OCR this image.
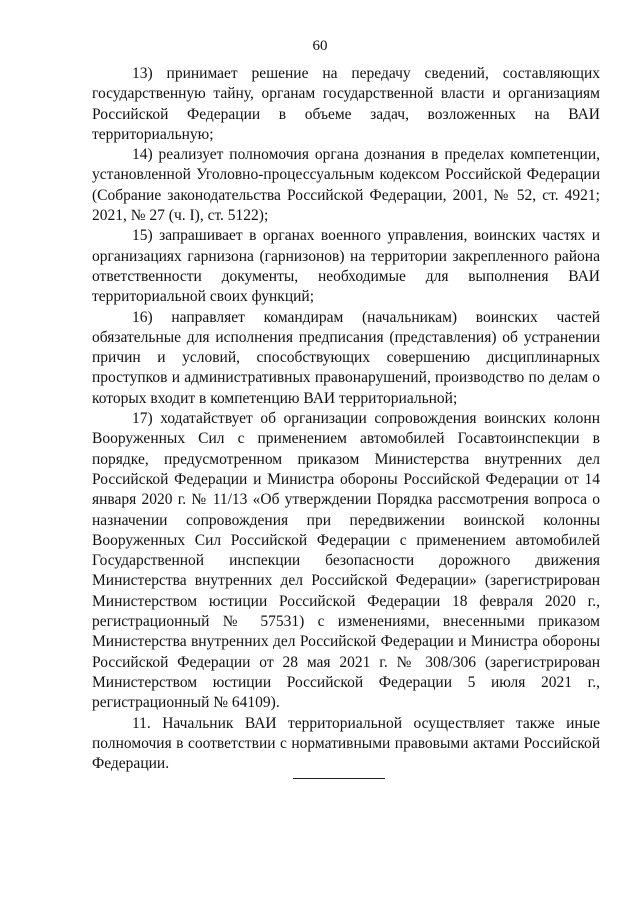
60

13) принимает решение на передачу сведений, составляющих государственную тайну, органам государственной власти и организациям Российской Федерации в объеме задач, возложенных на ВАИ территориальную;

14) реализует полномочия органа дознания в пределах компетенции, установленной Уголовно-процессуальным кодексом Российской Федерации (Собрание законодательства Российской Федерации, 2001, № 52, ст. 4921; 2021, № 27 (ч. I), ст. 5122);

15) запрашивает в органах военного управления, воинских частях и организациях гарнизона (гарнизонов) на территории закрепленного района ответственности документы, необходимые для выполнения ВАИ территориальной своих функций;

16) направляет командирам (начальникам) воинских частей обязательные для исполнения предписания (представления) об устранении причин и условий, способствующих совершению дисциплинарных проступков и административных правонарушений, производство по делам о которых входит в компетенцию ВАИ территориальной;

17) ходатайствует об организации сопровождения воинских колонн Вооруженных Сил с применением автомобилей Госавтоинспекции в порядке, предусмотренном приказом Министерства внутренних дел Российской Федерации и Министра обороны Российской Федерации от 14 января 2020 г. № 11/13 «Об утверждении Порядка рассмотрения вопроса о назначении сопровождения при передвижении воинской колонны Вооруженных Сил Российской Федерации с применением автомобилей Государственной инспекции безопасности дорожного движения Министерства внутренних дел Российской Федерации» (зарегистрирован Министерством юстиции Российской Федерации 18 февраля 2020 г., регистрационный № 57531) с изменениями, внесенными приказом Министерства внутренних дел Российской Федерации и Министра обороны Российской Федерации от 28 мая 2021 г. № 308/306 (зарегистрирован Министерством юстиции Российской Федерации 5 июля 2021 г., регистрационный № 64109).

11. Начальник ВАИ территориальной осуществляет также иные полномочия в соответствии с нормативными правовыми актами Российской Федерации.
